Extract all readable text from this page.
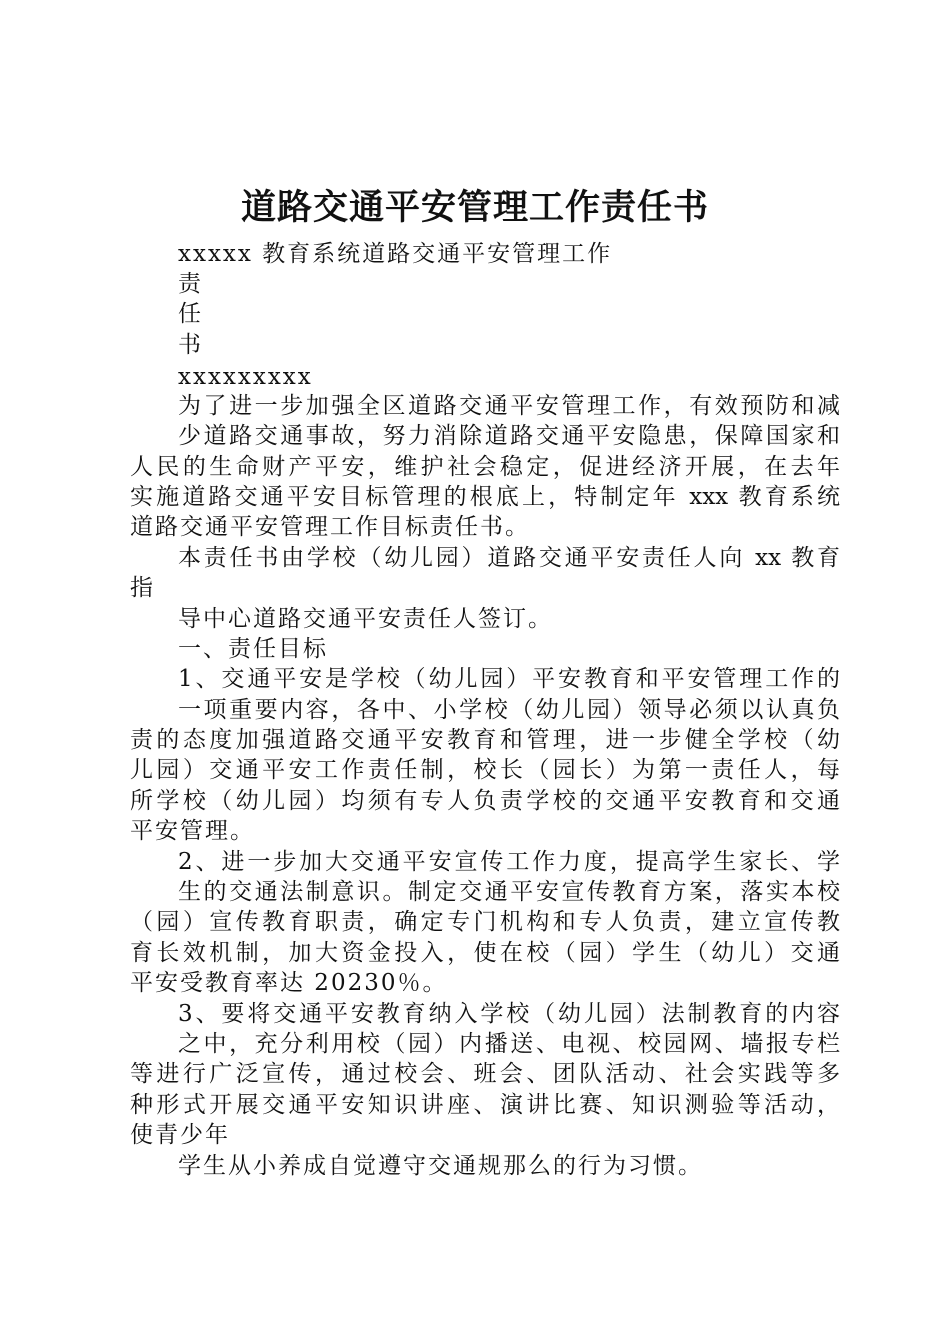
道路交通平安管理工作责任书
xxxxx 教育系统道路交通平安管理工作
责
任
书
xxxxxxxxx
为了进一步加强全区道路交通平安管理工作，有效预防和减
少道路交通事故，努力消除道路交通平安隐患，保障国家和
人民的生命财产平安，维护社会稳定，促进经济开展，在去年
实施道路交通平安目标管理的根底上，特制定年 xxx 教育系统
道路交通平安管理工作目标责任书。
本责任书由学校（幼儿园）道路交通平安责任人向 xx 教育
指
导中心道路交通平安责任人签订。
一、责任目标
1、交通平安是学校（幼儿园）平安教育和平安管理工作的
一项重要内容，各中、小学校（幼儿园）领导必须以认真负
责的态度加强道路交通平安教育和管理，进一步健全学校（幼
儿园）交通平安工作责任制，校长（园长）为第一责任人，每
所学校（幼儿园）均须有专人负责学校的交通平安教育和交通
平安管理。
2、进一步加大交通平安宣传工作力度，提高学生家长、学
生的交通法制意识。制定交通平安宣传教育方案，落实本校
（园）宣传教育职责，确定专门机构和专人负责，建立宣传教
育长效机制，加大资金投入，使在校（园）学生（幼儿）交通
平安受教育率达 20230％。
3、要将交通平安教育纳入学校（幼儿园）法制教育的内容
之中，充分利用校（园）内播送、电视、校园网、墙报专栏
等进行广泛宣传，通过校会、班会、团队活动、社会实践等多
种形式开展交通平安知识讲座、演讲比赛、知识测验等活动，
使青少年
学生从小养成自觉遵守交通规那么的行为习惯。
